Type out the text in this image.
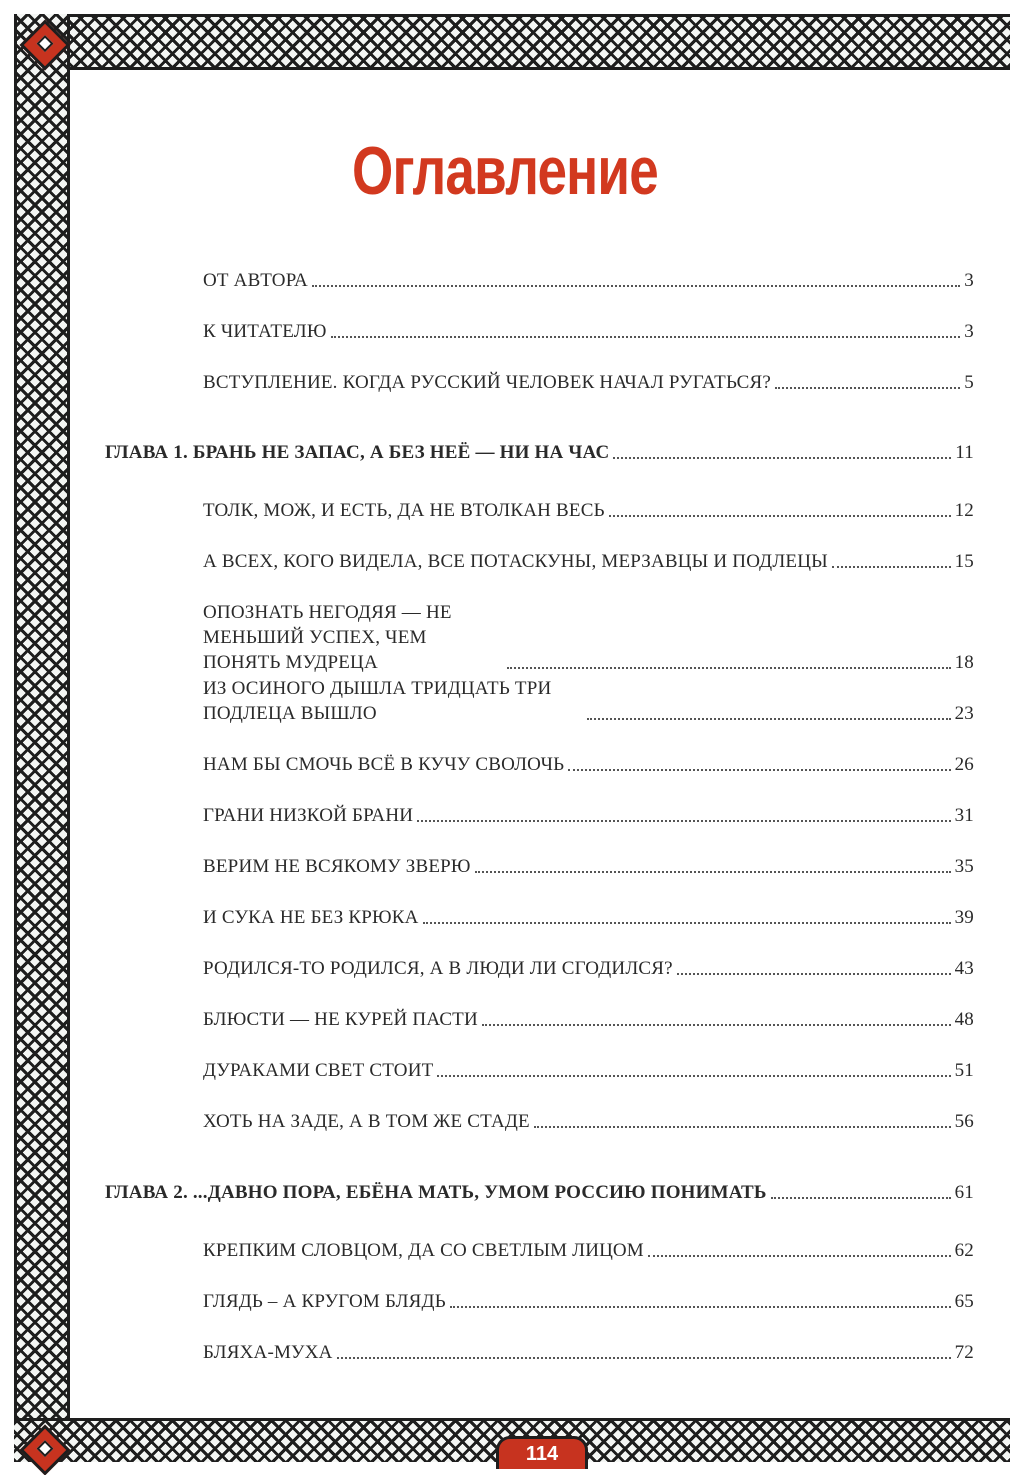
Оглавление
ОТ АВТОРА	3
К ЧИТАТЕЛЮ	3
ВСТУПЛЕНИЕ. КОГДА РУССКИЙ ЧЕЛОВЕК НАЧАЛ РУГАТЬСЯ?	5
ГЛАВА 1. БРАНЬ НЕ ЗАПАС, А БЕЗ НЕЁ — НИ НА ЧАС	11
ТОЛК, МОЖ, И ЕСТЬ, ДА НЕ ВТОЛКАН ВЕСЬ	12
А ВСЕХ, КОГО ВИДЕЛА, ВСЕ ПОТАСКУНЫ, МЕРЗАВЦЫ И ПОДЛЕЦЫ	15
ОПОЗНАТЬ НЕГОДЯЯ — НЕ МЕНЬШИЙ УСПЕХ, ЧЕМ ПОНЯТЬ МУДРЕЦА	18
ИЗ ОСИНОГО ДЫШЛА ТРИДЦАТЬ ТРИ ПОДЛЕЦА ВЫШЛО	23
НАМ БЫ СМОЧЬ ВСЁ В КУЧУ СВОЛОЧЬ	26
ГРАНИ НИЗКОЙ БРАНИ	31
ВЕРИМ НЕ ВСЯКОМУ ЗВЕРЮ	35
И СУКА НЕ БЕЗ КРЮКА	39
РОДИЛСЯ-ТО РОДИЛСЯ, А В ЛЮДИ ЛИ СГОДИЛСЯ?	43
БЛЮСТИ — НЕ КУРЕЙ ПАСТИ	48
ДУРАКАМИ СВЕТ СТОИТ	51
ХОТЬ НА ЗАДЕ, А В ТОМ ЖЕ СТАДЕ	56
ГЛАВА 2. ...ДАВНО ПОРА, ЕБЁНА МАТЬ, УМОМ РОССИЮ ПОНИМАТЬ	61
КРЕПКИМ СЛОВЦОМ, ДА СО СВЕТЛЫМ ЛИЦОМ	62
ГЛЯДЬ – А КРУГОМ БЛЯДЬ	65
БЛЯХА-МУХА	72
114
